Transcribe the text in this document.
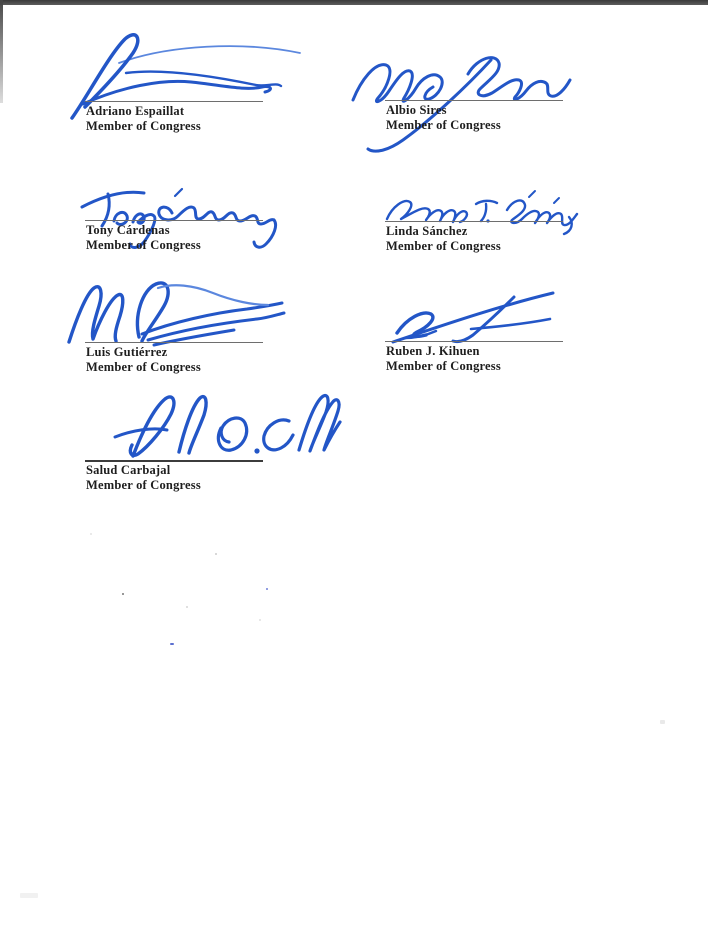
Adriano Espaillat
Member of Congress
Albio Sires
Member of Congress
Tony Cárdenas
Member of Congress
Linda Sánchez
Member of Congress
Luis Gutiérrez
Member of Congress
Ruben J. Kihuen
Member of Congress
Salud Carbajal
Member of Congress
